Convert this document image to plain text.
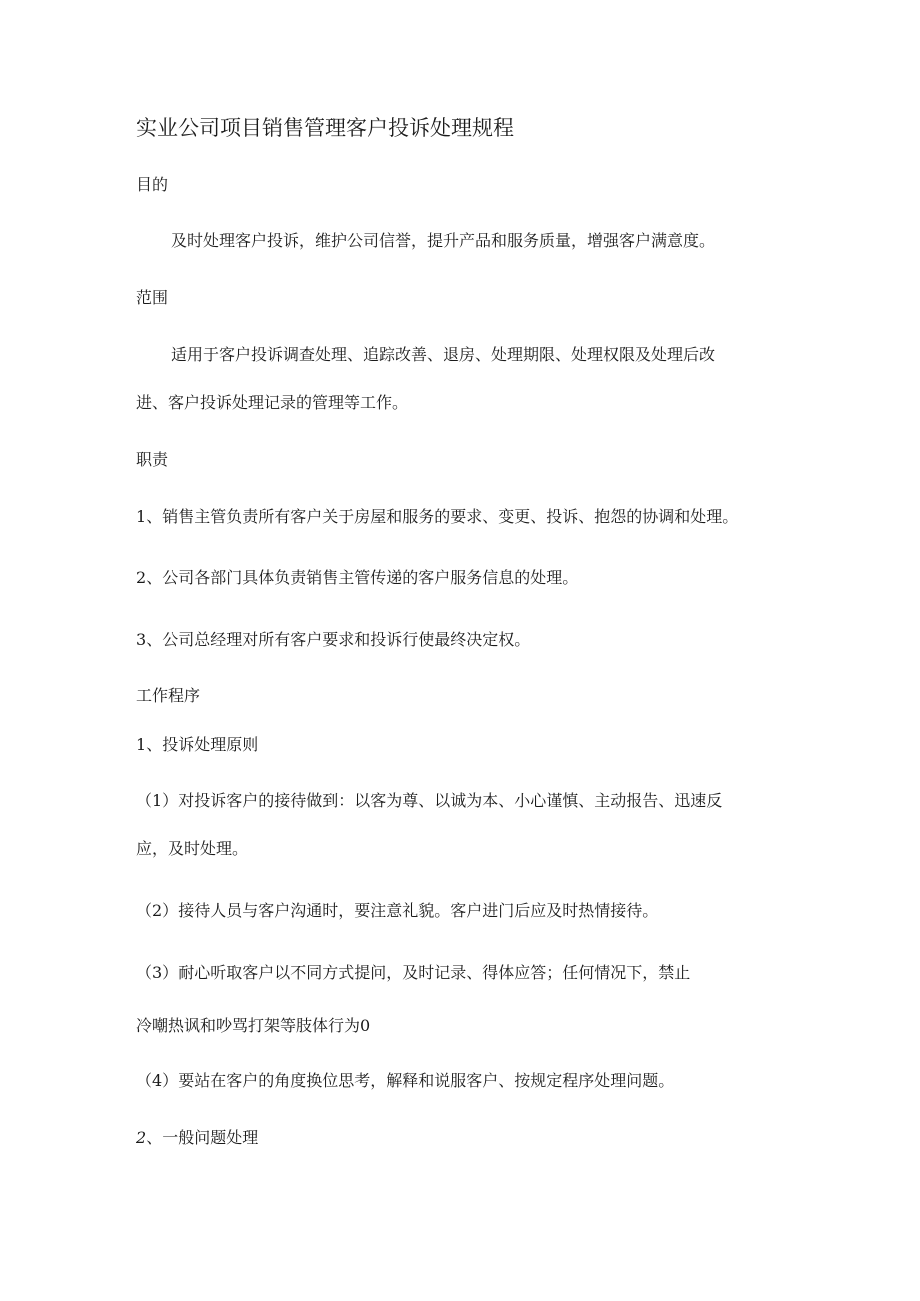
实业公司项目销售管理客户投诉处理规程
目的
及时处理客户投诉，维护公司信誉，提升产品和服务质量，增强客户满意度。
范围
适用于客户投诉调查处理、追踪改善、退房、处理期限、处理权限及处理后改
进、客户投诉处理记录的管理等工作。
职责
1、销售主管负责所有客户关于房屋和服务的要求、变更、投诉、抱怨的协调和处理。
2、公司各部门具体负责销售主管传递的客户服务信息的处理。
3、公司总经理对所有客户要求和投诉行使最终决定权。
工作程序
1、投诉处理原则
（1）对投诉客户的接待做到：以客为尊、以诚为本、小心谨慎、主动报告、迅速反
应，及时处理。
（2）接待人员与客户沟通时，要注意礼貌。客户进门后应及时热情接待。
（3）耐心听取客户以不同方式提问，及时记录、得体应答；任何情况下，禁止
冷嘲热讽和吵骂打架等肢体行为0
（4）要站在客户的角度换位思考，解释和说服客户、按规定程序处理问题。
2、一般问题处理
